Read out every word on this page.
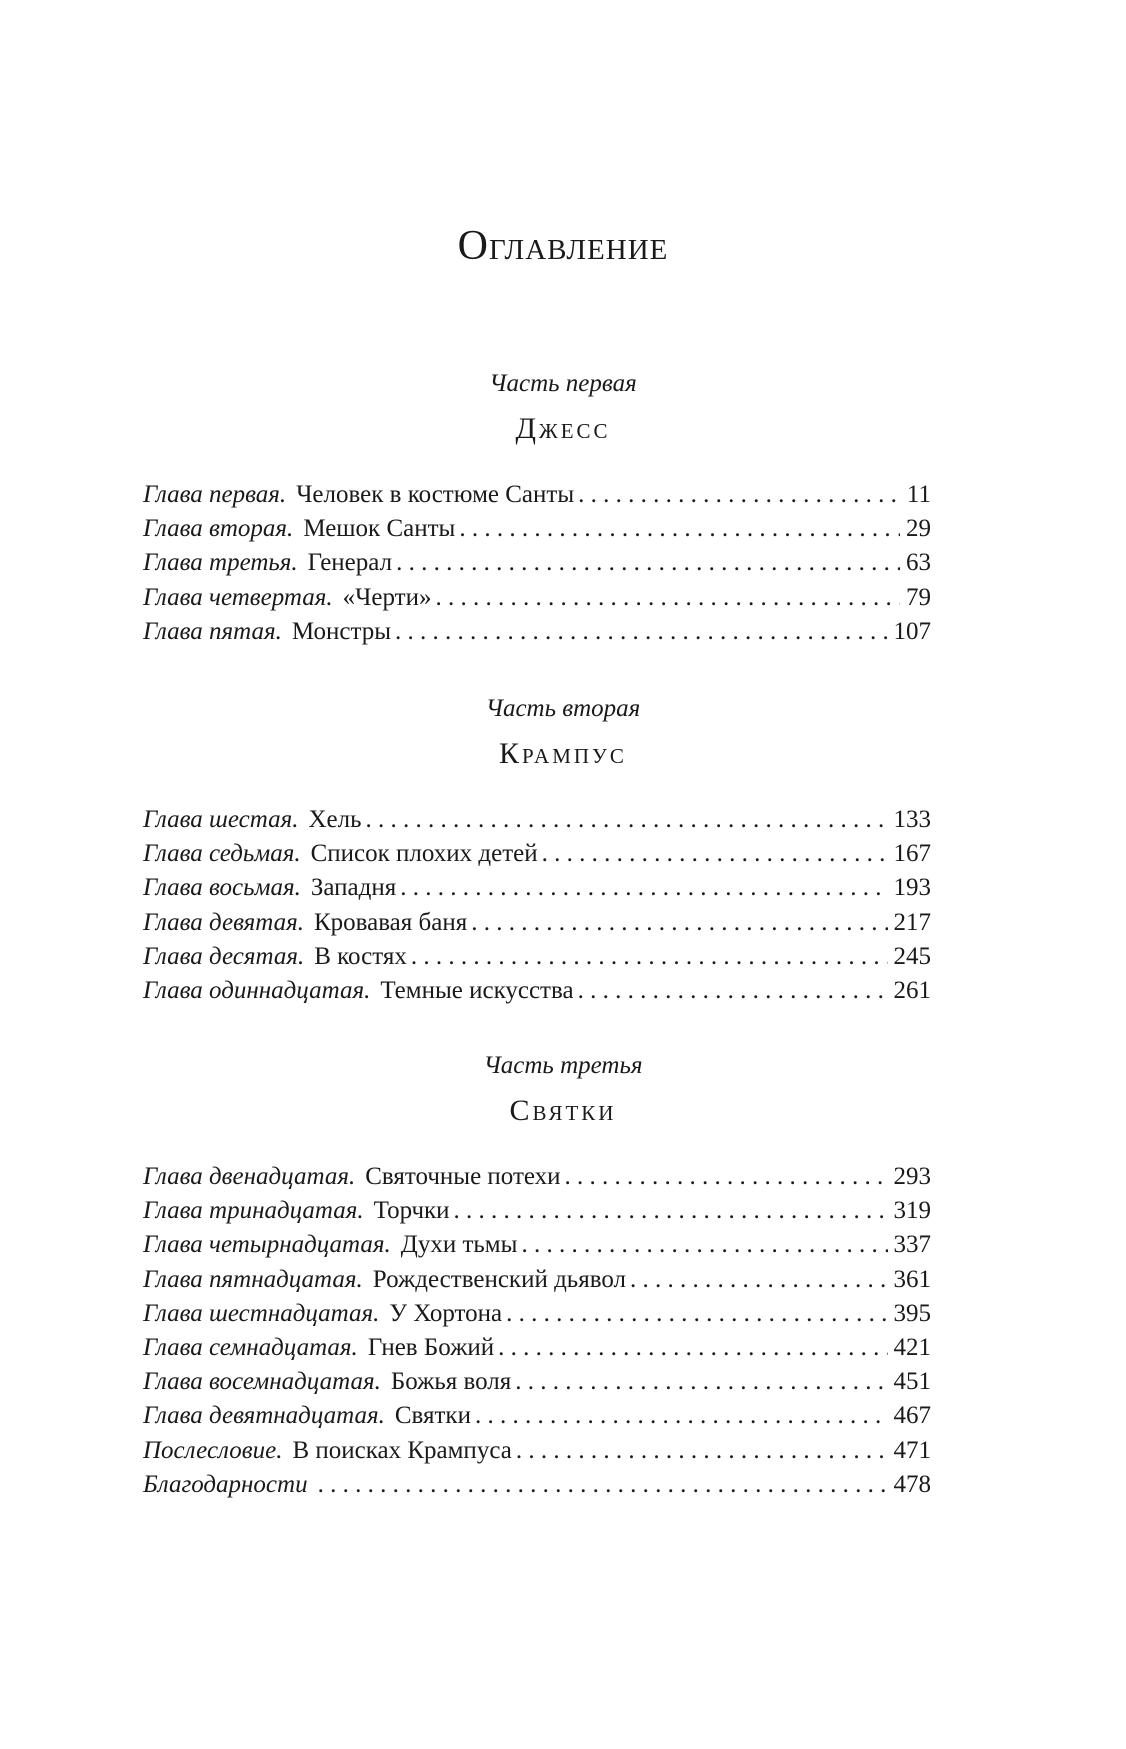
Оглавление
Часть первая
Джесс
Глава первая. Человек в костюме Санты . . .	11
Глава вторая. Мешок Санты . . .	29
Глава третья. Генерал . . .	63
Глава четвертая. «Черти» . . .	79
Глава пятая. Монстры . . .	107
Часть вторая
Крампус
Глава шестая. Хель . . .	133
Глава седьмая. Список плохих детей . . .	167
Глава восьмая. Западня . . .	193
Глава девятая. Кровавая баня . . .	217
Глава десятая. В костях . . .	245
Глава одиннадцатая. Темные искусства . . .	261
Часть третья
Святки
Глава двенадцатая. Святочные потехи . . .	293
Глава тринадцатая. Торчки . . .	319
Глава четырнадцатая. Духи тьмы . . .	337
Глава пятнадцатая. Рождественский дьявол . . .	361
Глава шестнадцатая. У Хортона . . .	395
Глава семнадцатая. Гнев Божий . . .	421
Глава восемнадцатая. Божья воля . . .	451
Глава девятнадцатая. Святки . . .	467
Послесловие. В поисках Крампуса . . .	471
Благодарности . . .	478
